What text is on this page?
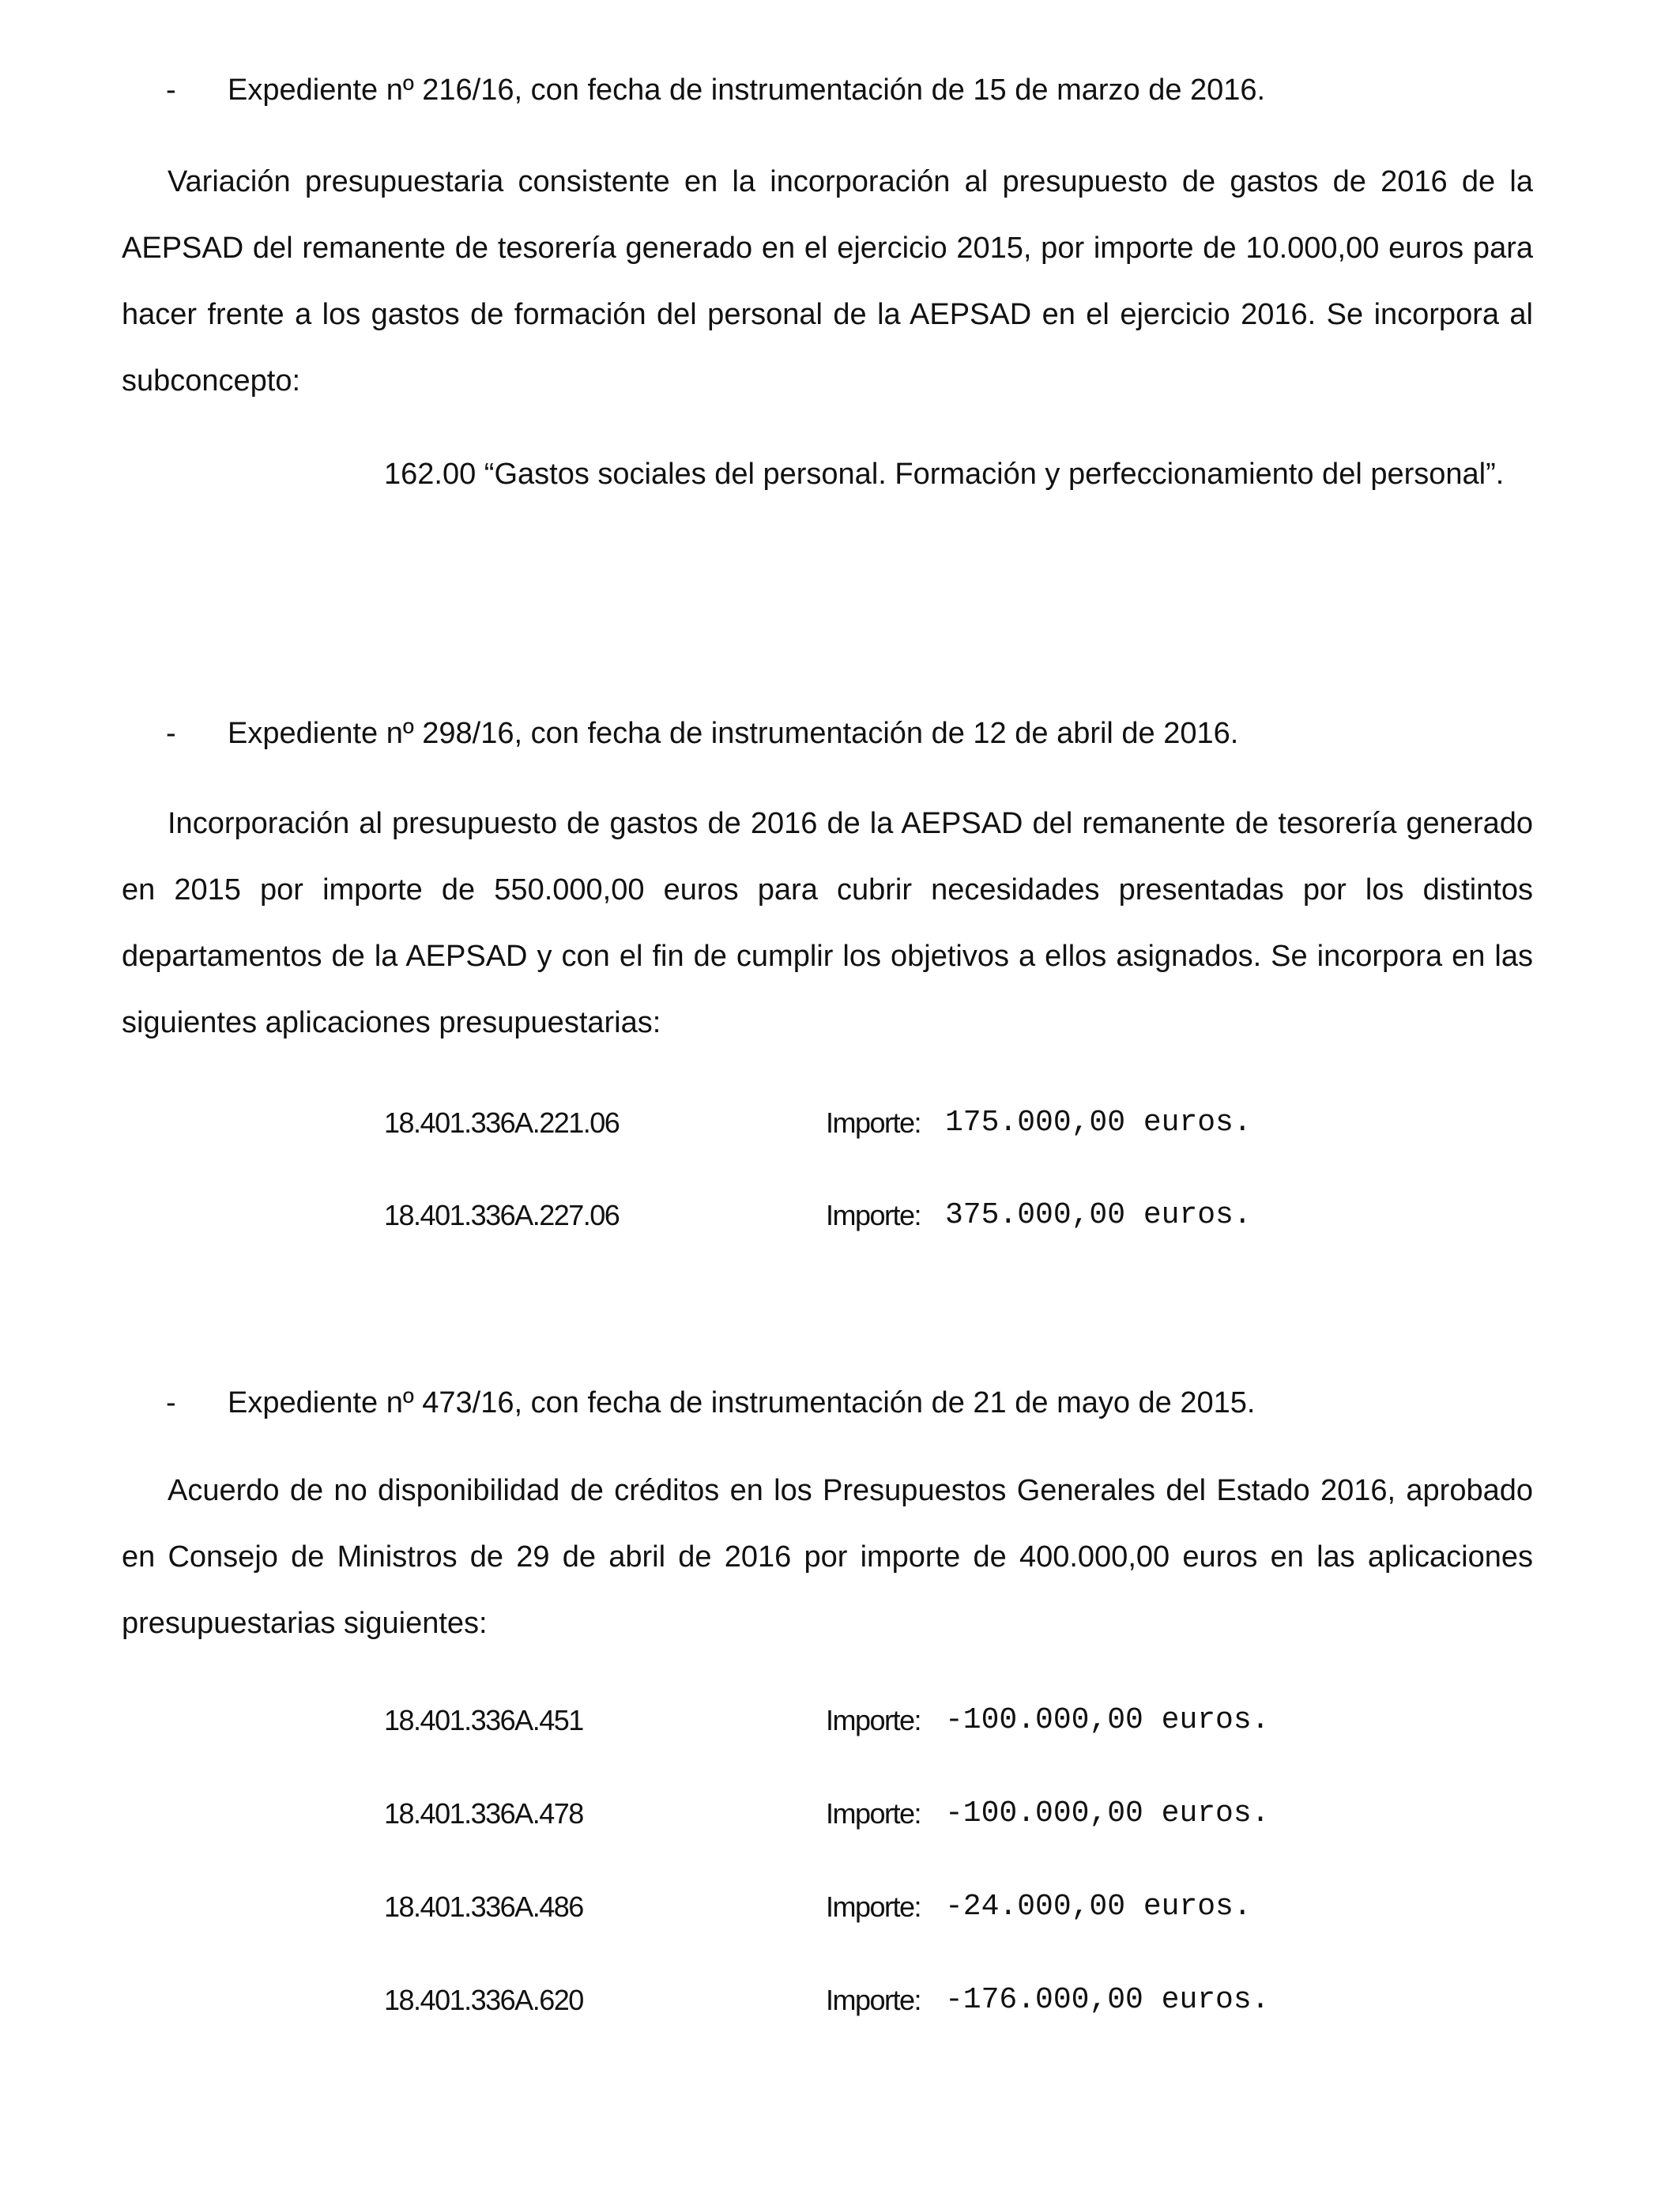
- Expediente nº 216/16, con fecha de instrumentación de 15 de marzo de 2016.

Variación presupuestaria consistente en la incorporación al presupuesto de gastos de 2016 de la AEPSAD del remanente de tesorería generado en el ejercicio 2015, por importe de 10.000,00 euros para hacer frente a los gastos de formación del personal de la AEPSAD en el ejercicio 2016. Se incorpora al subconcepto:

162.00 “Gastos sociales del personal. Formación y perfeccionamiento del personal”.

- Expediente nº 298/16, con fecha de instrumentación de 12 de abril de 2016.

Incorporación al presupuesto de gastos de 2016 de la AEPSAD del remanente de tesorería generado en 2015 por importe de 550.000,00 euros para cubrir necesidades presentadas por los distintos departamentos de la AEPSAD y con el fin de cumplir los objetivos a ellos asignados. Se incorpora en las siguientes aplicaciones presupuestarias:

18.401.336A.221.06	Importe: 175.000,00 euros.
18.401.336A.227.06	Importe: 375.000,00 euros.
- Expediente nº 473/16, con fecha de instrumentación de 21 de mayo de 2015.

Acuerdo de no disponibilidad de créditos en los Presupuestos Generales del Estado 2016, aprobado en Consejo de Ministros de 29 de abril de 2016 por importe de 400.000,00 euros en las aplicaciones presupuestarias siguientes:

18.401.336A.451	Importe: -100.000,00 euros.
18.401.336A.478	Importe: -100.000,00 euros.
18.401.336A.486	Importe: -24.000,00 euros.
18.401.336A.620	Importe: -176.000,00 euros.
